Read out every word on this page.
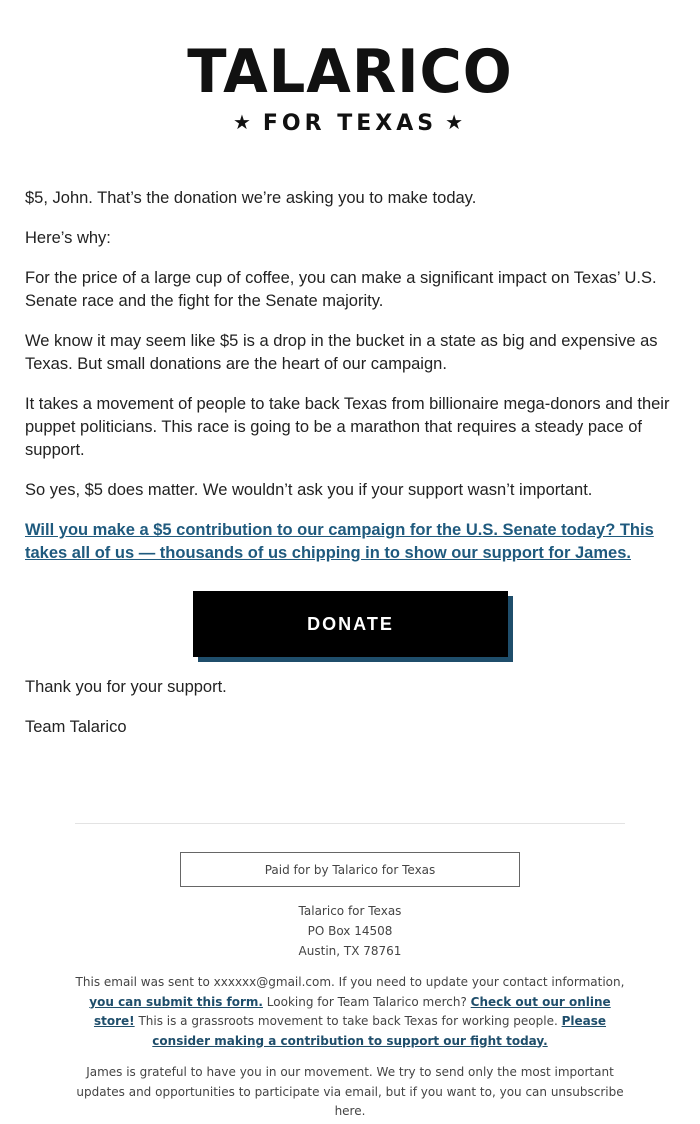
TALARICO
★ FOR TEXAS ★

$5, John. That’s the donation we’re asking you to make today.

Here’s why:

For the price of a large cup of coffee, you can make a significant impact on Texas’ U.S. Senate race and the fight for the Senate majority.

We know it may seem like $5 is a drop in the bucket in a state as big and expensive as Texas. But small donations are the heart of our campaign.

It takes a movement of people to take back Texas from billionaire mega-donors and their puppet politicians. This race is going to be a marathon that requires a steady pace of support.

So yes, $5 does matter. We wouldn’t ask you if your support wasn’t important.

Will you make a $5 contribution to our campaign for the U.S. Senate today? This takes all of us — thousands of us chipping in to show our support for James.

DONATE

Thank you for your support.

Team Talarico

Paid for by Talarico for Texas
Talarico for Texas
PO Box 14508
Austin, TX 78761
This email was sent to xxxxxx@gmail.com. If you need to update your contact information, you can submit this form. Looking for Team Talarico merch? Check out our online store! This is a grassroots movement to take back Texas for working people. Please consider making a contribution to support our fight today.
James is grateful to have you in our movement. We try to send only the most important updates and opportunities to participate via email, but if you want to, you can unsubscribe here.
